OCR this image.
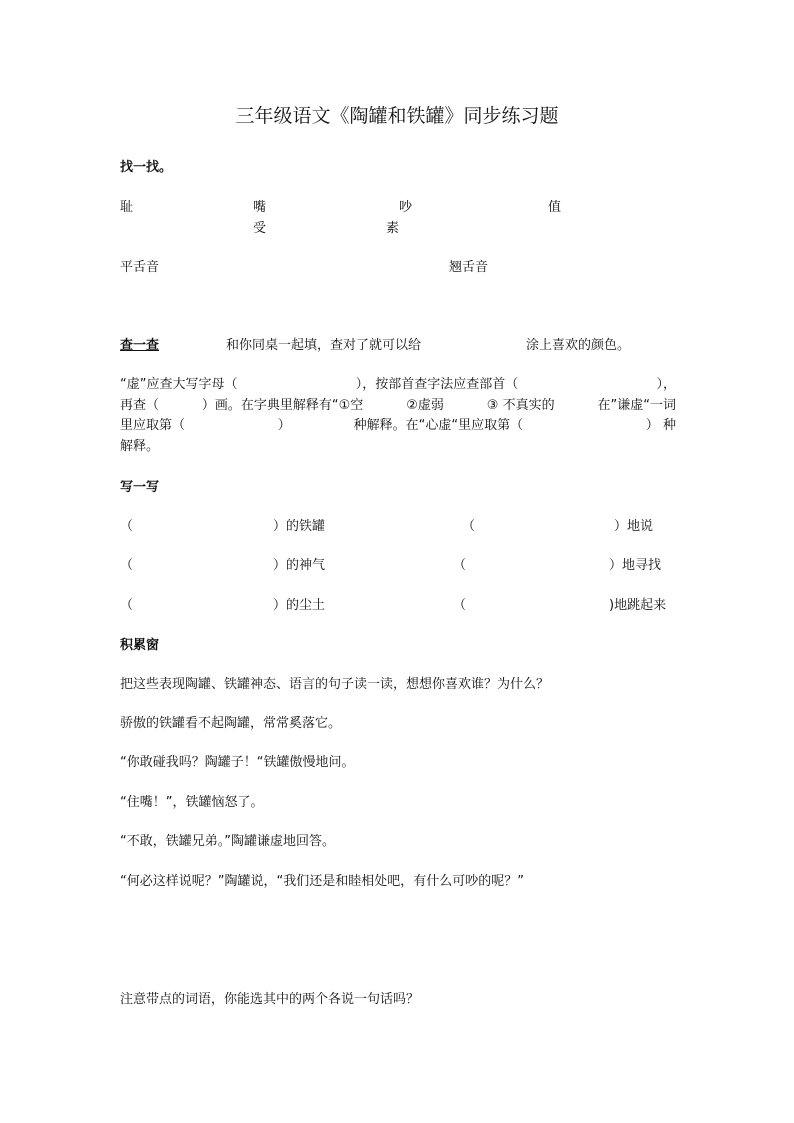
三年级语文《陶罐和铁罐》同步练习题
找一找。
耻	嘴	吵	值
受	素
平舌音	翘舌音
查一查	和你同桌一起填，查对了就可以给	涂上喜欢的颜色。
“虚”应查大写字母（	），按部首查字法应查部首（	），
再查（	）画。在字典里解释有“①空	②虚弱	③ 不真实的	在”谦虚“一词
里应取第（	）	种解释。在“心虚“里应取第（	） 种
解释。
写一写
（	）的铁罐	（	）地说
（	）的神气	（	）地寻找
（	）的尘土	（	)地跳起来
积累窗
把这些表现陶罐、铁罐神态、语言的句子读一读，想想你喜欢谁？为什么？
骄傲的铁罐看不起陶罐，常常奚落它。
“你敢碰我吗？陶罐子！“铁罐傲慢地问。
“住嘴！”，铁罐恼怒了。
“不敢，铁罐兄弟。”陶罐谦虚地回答。
“何必这样说呢？”陶罐说，“我们还是和睦相处吧，有什么可吵的呢？”
注意带点的词语，你能选其中的两个各说一句话吗？
